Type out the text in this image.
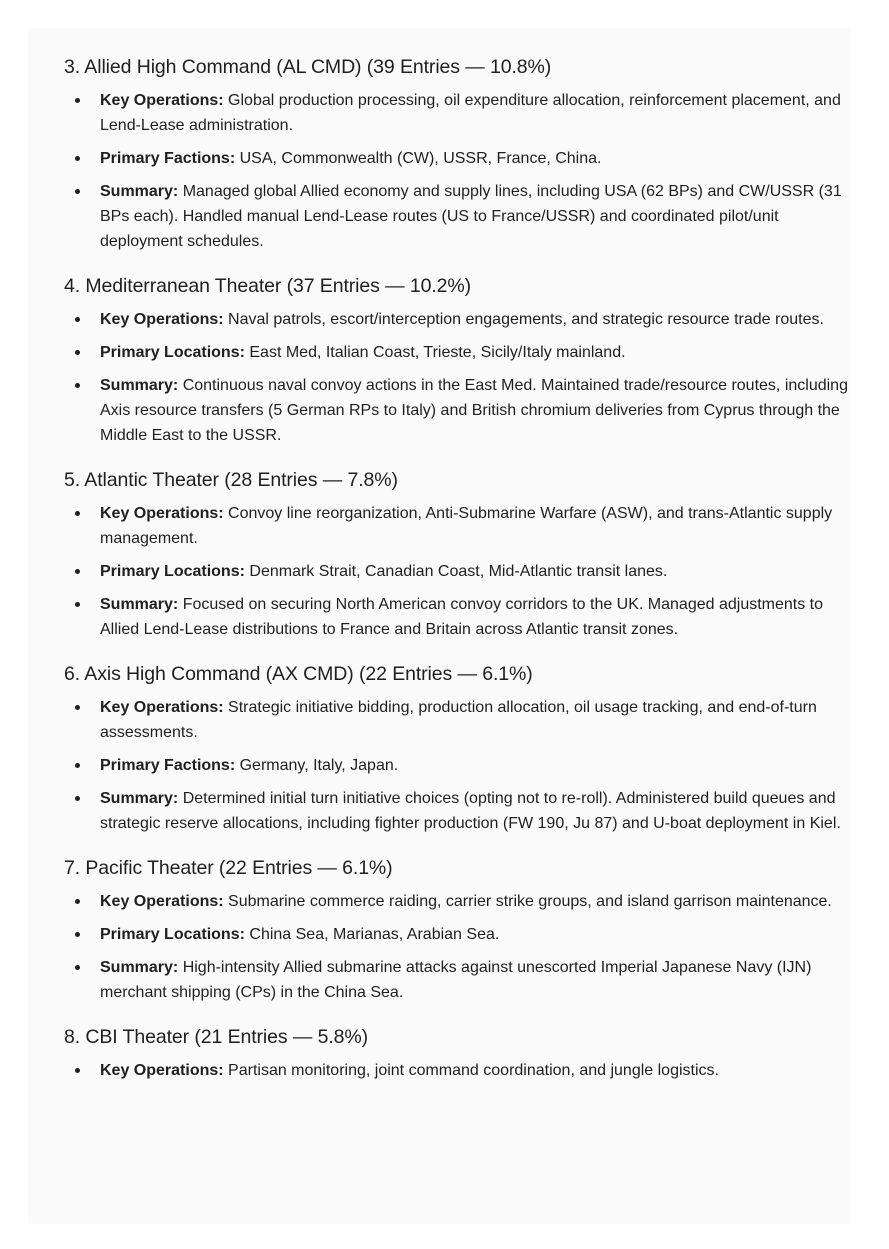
3. Allied High Command (AL CMD) (39 Entries — 10.8%)
Key Operations: Global production processing, oil expenditure allocation, reinforcement placement, and Lend-Lease administration.
Primary Factions: USA, Commonwealth (CW), USSR, France, China.
Summary: Managed global Allied economy and supply lines, including USA (62 BPs) and CW/USSR (31 BPs each). Handled manual Lend-Lease routes (US to France/USSR) and coordinated pilot/unit deployment schedules.
4. Mediterranean Theater (37 Entries — 10.2%)
Key Operations: Naval patrols, escort/interception engagements, and strategic resource trade routes.
Primary Locations: East Med, Italian Coast, Trieste, Sicily/Italy mainland.
Summary: Continuous naval convoy actions in the East Med. Maintained trade/resource routes, including Axis resource transfers (5 German RPs to Italy) and British chromium deliveries from Cyprus through the Middle East to the USSR.
5. Atlantic Theater (28 Entries — 7.8%)
Key Operations: Convoy line reorganization, Anti-Submarine Warfare (ASW), and trans-Atlantic supply management.
Primary Locations: Denmark Strait, Canadian Coast, Mid-Atlantic transit lanes.
Summary: Focused on securing North American convoy corridors to the UK. Managed adjustments to Allied Lend-Lease distributions to France and Britain across Atlantic transit zones.
6. Axis High Command (AX CMD) (22 Entries — 6.1%)
Key Operations: Strategic initiative bidding, production allocation, oil usage tracking, and end-of-turn assessments.
Primary Factions: Germany, Italy, Japan.
Summary: Determined initial turn initiative choices (opting not to re-roll). Administered build queues and strategic reserve allocations, including fighter production (FW 190, Ju 87) and U-boat deployment in Kiel.
7. Pacific Theater (22 Entries — 6.1%)
Key Operations: Submarine commerce raiding, carrier strike groups, and island garrison maintenance.
Primary Locations: China Sea, Marianas, Arabian Sea.
Summary: High-intensity Allied submarine attacks against unescorted Imperial Japanese Navy (IJN) merchant shipping (CPs) in the China Sea.
8. CBI Theater (21 Entries — 5.8%)
Key Operations: Partisan monitoring, joint command coordination, and jungle logistics.
